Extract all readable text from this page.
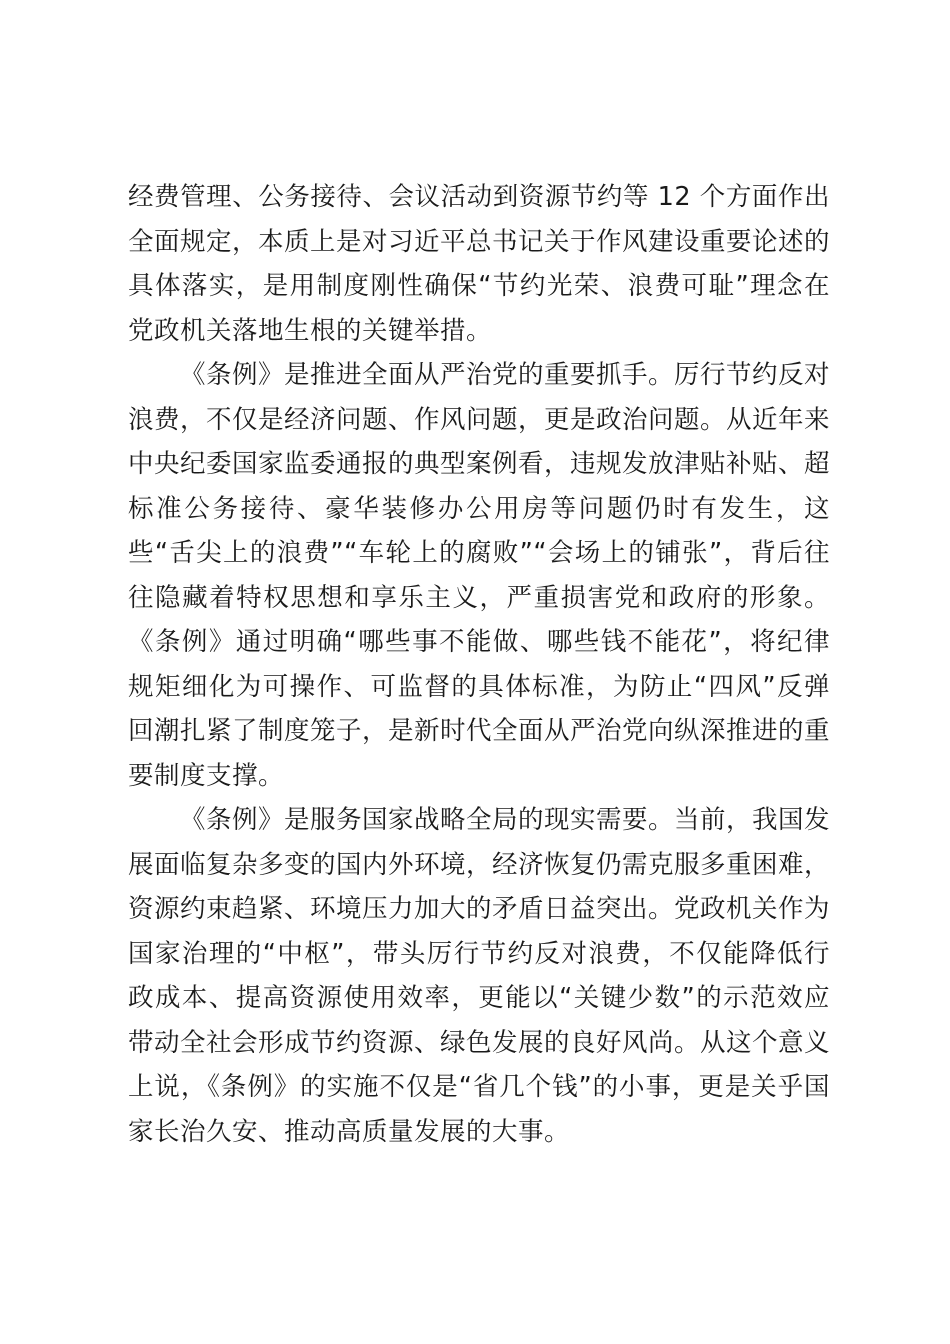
经费管理、公务接待、会议活动到资源节约等 12 个方面作出全面规定，本质上是对习近平总书记关于作风建设重要论述的具体落实，是用制度刚性确保“节约光荣、浪费可耻”理念在党政机关落地生根的关键举措。

《条例》是推进全面从严治党的重要抓手。厉行节约反对浪费，不仅是经济问题、作风问题，更是政治问题。从近年来中央纪委国家监委通报的典型案例看，违规发放津贴补贴、超标准公务接待、豪华装修办公用房等问题仍时有发生，这些“舌尖上的浪费”“车轮上的腐败”“会场上的铺张”，背后往往隐藏着特权思想和享乐主义，严重损害党和政府的形象。《条例》通过明确“哪些事不能做、哪些钱不能花”，将纪律规矩细化为可操作、可监督的具体标准，为防止“四风”反弹回潮扎紧了制度笼子，是新时代全面从严治党向纵深推进的重要制度支撑。

《条例》是服务国家战略全局的现实需要。当前，我国发展面临复杂多变的国内外环境，经济恢复仍需克服多重困难，资源约束趋紧、环境压力加大的矛盾日益突出。党政机关作为国家治理的“中枢”，带头厉行节约反对浪费，不仅能降低行政成本、提高资源使用效率，更能以“关键少数”的示范效应带动全社会形成节约资源、绿色发展的良好风尚。从这个意义上说，《条例》的实施不仅是“省几个钱”的小事，更是关乎国家长治久安、推动高质量发展的大事。
